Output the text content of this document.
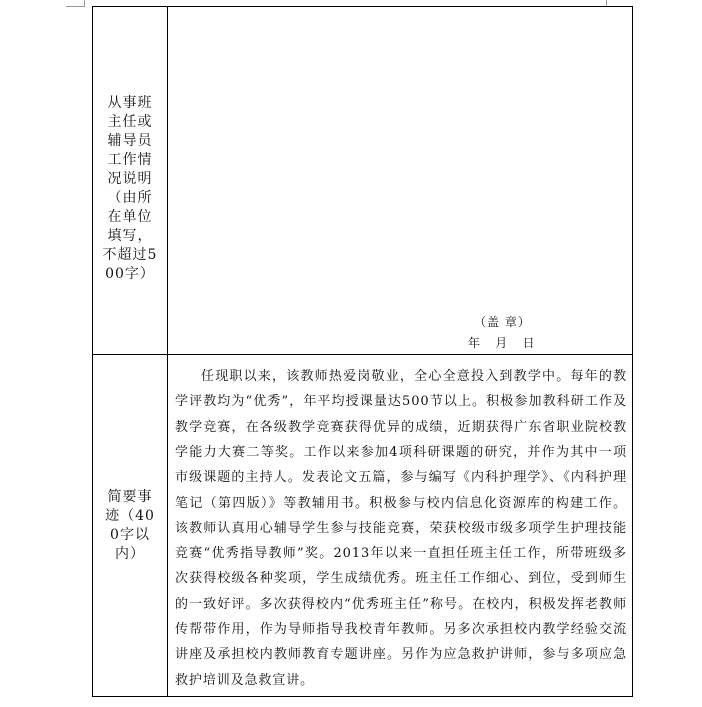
从事班主任或辅导员工作情况说明（由所在单位填写，不超过500字）	（盖 章）
年    月    日

简要事迹（400字以内）	任现职以来，该教师热爱岗敬业，全心全意投入到教学中。每年的教学评教均为“优秀”，年平均授课量达500节以上。积极参加教科研工作及教学竞赛，在各级教学竞赛获得优异的成绩，近期获得广东省职业院校教学能力大赛二等奖。工作以来参加4项科研课题的研究，并作为其中一项市级课题的主持人。发表论文五篇，参与编写《内科护理学》、《内科护理笔记（第四版）》等教辅用书。积极参与校内信息化资源库的构建工作。该教师认真用心辅导学生参与技能竞赛，荣获校级市级多项学生护理技能竞赛“优秀指导教师”奖。2013年以来一直担任班主任工作，所带班级多次获得校级各种奖项，学生成绩优秀。班主任工作细心、到位，受到师生的一致好评。多次获得校内“优秀班主任”称号。在校内，积极发挥老教师传帮带作用，作为导师指导我校青年教师。另多次承担校内教学经验交流讲座及承担校内教师教育专题讲座。另作为应急救护讲师，参与多项应急救护培训及急救宣讲。
